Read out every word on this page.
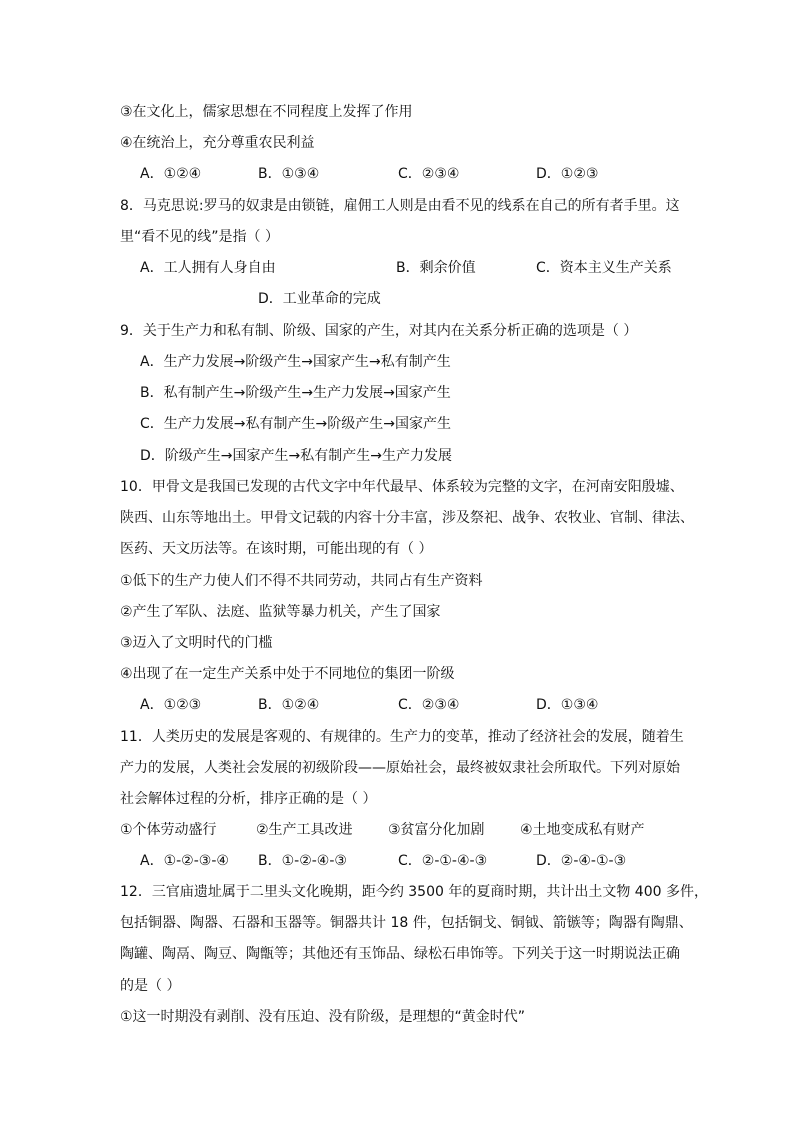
③在文化上，儒家思想在不同程度上发挥了作用
④在统治上，充分尊重农民利益
A．①②④	B．①③④	C．②③④	D．①②③
8．马克思说:罗马的奴隶是由锁链，雇佣工人则是由看不见的线系在自己的所有者手里。这
里“看不见的线”是指（ ）
A．工人拥有人身自由	B．剩余价值	C．资本主义生产关系
D．工业革命的完成
9．关于生产力和私有制、阶级、国家的产生，对其内在关系分析正确的选项是（ ）
A．生产力发展→阶级产生→国家产生→私有制产生
B．私有制产生→阶级产生→生产力发展→国家产生
C．生产力发展→私有制产生→阶级产生→国家产生
D．阶级产生→国家产生→私有制产生→生产力发展
10．甲骨文是我国已发现的古代文字中年代最早、体系较为完整的文字，在河南安阳殷墟、
陕西、山东等地出土。甲骨文记载的内容十分丰富，涉及祭祀、战争、农牧业、官制、律法、
医药、天文历法等。在该时期，可能出现的有（ ）
①低下的生产力使人们不得不共同劳动，共同占有生产资料
②产生了军队、法庭、监狱等暴力机关，产生了国家
③迈入了文明时代的门槛
④出现了在一定生产关系中处于不同地位的集团一阶级
A．①②③	B．①②④	C．②③④	D．①③④
11．人类历史的发展是客观的、有规律的。生产力的变革，推动了经济社会的发展，随着生
产力的发展，人类社会发展的初级阶段——原始社会，最终被奴隶社会所取代。下列对原始
社会解体过程的分析，排序正确的是（ ）
①个体劳动盛行	②生产工具改进	③贫富分化加剧	④土地变成私有财产
A．①-②-③-④ B．①-②-④-③	C．②-①-④-③	D．②-④-①-③
12．三官庙遗址属于二里头文化晚期，距今约 3500 年的夏商时期，共计出土文物 400 多件，
包括铜器、陶器、石器和玉器等。铜器共计 18 件，包括铜戈、铜钺、箭镞等；陶器有陶鼎、
陶罐、陶鬲、陶豆、陶甑等；其他还有玉饰品、绿松石串饰等。下列关于这一时期说法正确
的是（ ）
①这一时期没有剥削、没有压迫、没有阶级，是理想的“黄金时代”
